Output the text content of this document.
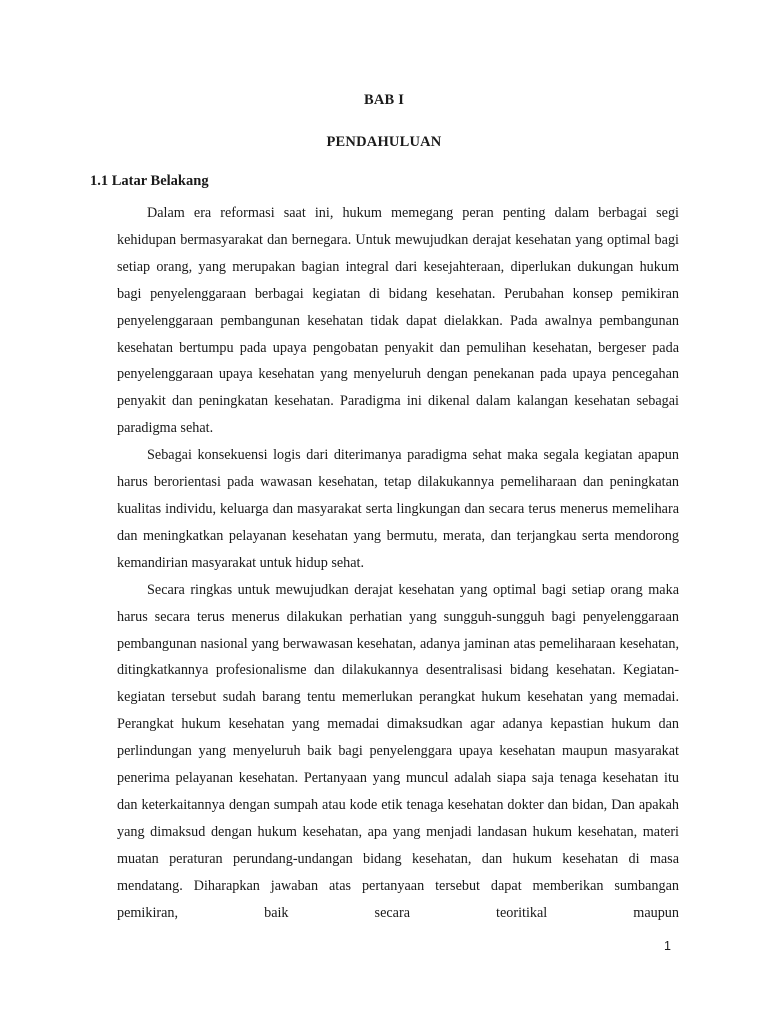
BAB I
PENDAHULUAN
1.1 Latar Belakang

Dalam era reformasi saat ini, hukum memegang peran penting dalam berbagai segi kehidupan bermasyarakat dan bernegara. Untuk mewujudkan derajat kesehatan yang optimal bagi setiap orang, yang merupakan bagian integral dari kesejahteraan, diperlukan dukungan hukum bagi penyelenggaraan berbagai kegiatan di bidang kesehatan. Perubahan konsep pemikiran penyelenggaraan pembangunan kesehatan tidak dapat dielakkan. Pada awalnya pembangunan kesehatan bertumpu pada upaya pengobatan penyakit dan pemulihan kesehatan, bergeser pada penyelenggaraan upaya kesehatan yang menyeluruh dengan penekanan pada upaya pencegahan penyakit dan peningkatan kesehatan. Paradigma ini dikenal dalam kalangan kesehatan sebagai paradigma sehat.

Sebagai konsekuensi logis dari diterimanya paradigma sehat maka segala kegiatan apapun harus berorientasi pada wawasan kesehatan, tetap dilakukannya pemeliharaan dan peningkatan kualitas individu, keluarga dan masyarakat serta lingkungan dan secara terus menerus memelihara dan meningkatkan pelayanan kesehatan yang bermutu, merata, dan terjangkau serta mendorong kemandirian masyarakat untuk hidup sehat.

Secara ringkas untuk mewujudkan derajat kesehatan yang optimal bagi setiap orang maka harus secara terus menerus dilakukan perhatian yang sungguh-sungguh bagi penyelenggaraan pembangunan nasional yang berwawasan kesehatan, adanya jaminan atas pemeliharaan kesehatan, ditingkatkannya profesionalisme dan dilakukannya desentralisasi bidang kesehatan. Kegiatan-kegiatan tersebut sudah barang tentu memerlukan perangkat hukum kesehatan yang memadai. Perangkat hukum kesehatan yang memadai dimaksudkan agar adanya kepastian hukum dan perlindungan yang menyeluruh baik bagi penyelenggara upaya kesehatan maupun masyarakat penerima pelayanan kesehatan. Pertanyaan yang muncul adalah siapa saja tenaga kesehatan itu dan keterkaitannya dengan sumpah atau kode etik tenaga kesehatan dokter dan bidan, Dan apakah yang dimaksud dengan hukum kesehatan, apa yang menjadi landasan hukum kesehatan, materi muatan peraturan perundang-undangan bidang kesehatan, dan hukum kesehatan di masa mendatang. Diharapkan jawaban atas pertanyaan tersebut dapat memberikan sumbangan pemikiran, baik secara teoritikal maupun

1
